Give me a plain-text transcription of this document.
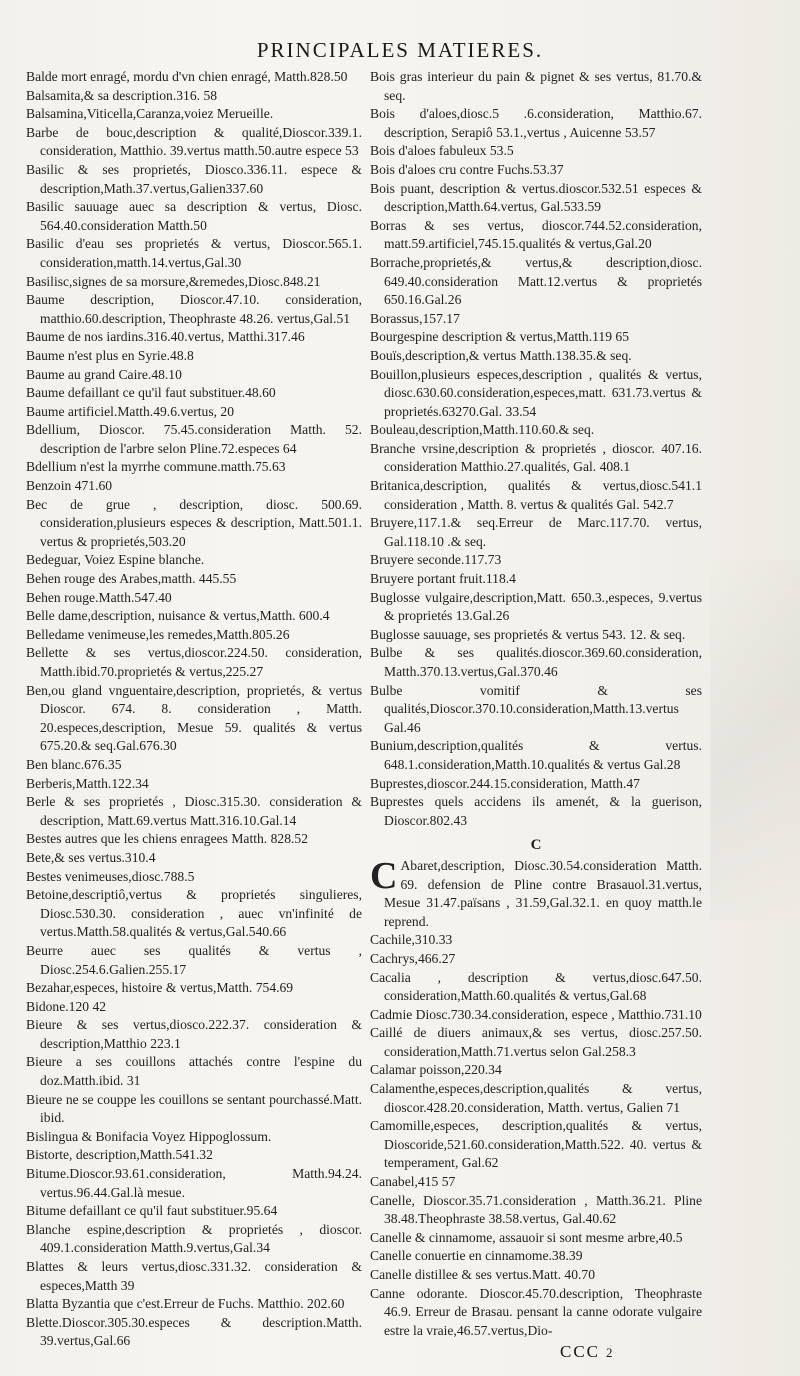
PRINCIPALES MATIERES.

Balde mort enragé, mordu d'vn chien enragé, Matth.828.50

Balsamita,& sa description.316. 58

Balsamina,Viticella,Caranza,voiez Merueille.

Barbe de bouc,description & qualité,Dioscor.339.1. consideration, Matthio. 39.vertus matth.50.autre espece 53

Basilic & ses proprietés, Diosco.336.11. espece & description,Math.37.vertus,Galien337.60

Basilic sauuage auec sa description & vertus, Diosc. 564.40.consideration Matth.50

Basilic d'eau ses proprietés & vertus, Dioscor.565.1. consideration,matth.14.vertus,Gal.30

Basilisc,signes de sa morsure,&remedes,Diosc.848.21

Baume description, Dioscor.47.10. consideration, matthio.60.description, Theophraste 48.26. vertus,Gal.51

Baume de nos iardins.316.40.vertus, Matthi.317.46

Baume n'est plus en Syrie.48.8

Baume au grand Caire.48.10

Baume defaillant ce qu'il faut substituer.48.60

Baume artificiel.Matth.49.6.vertus, 20

Bdellium, Dioscor. 75.45.consideration Matth. 52. description de l'arbre selon Pline.72.especes 64

Bdellium n'est la myrrhe commune.matth.75.63

Benzoin 471.60

Bec de grue , description, diosc. 500.69. consideration,plusieurs especes & description, Matt.501.1. vertus & proprietés,503.20

Bedeguar, Voiez Espine blanche.

Behen rouge des Arabes,matth. 445.55

Behen rouge.Matth.547.40

Belle dame,description, nuisance & vertus,Matth. 600.4

Belledame venimeuse,les remedes,Matth.805.26

Bellette & ses vertus,dioscor.224.50. consideration, Matth.ibid.70.proprietés & vertus,225.27

Ben,ou gland vnguentaire,description, proprietés, & vertus Dioscor. 674. 8. consideration , Matth. 20.especes,description, Mesue 59. qualités & vertus 675.20.& seq.Gal.676.30

Ben blanc.676.35

Berberis,Matth.122.34

Berle & ses proprietés , Diosc.315.30. consideration & description, Matt.69.vertus Matt.316.10.Gal.14

Bestes autres que les chiens enragees Matth. 828.52

Bete,& ses vertus.310.4

Bestes venimeuses,diosc.788.5

Betoine,descriptiô,vertus & proprietés singulieres, Diosc.530.30. consideration , auec vn'infinité de vertus.Matth.58.qualités & vertus,Gal.540.66

Beurre auec ses qualités & vertus , Diosc.254.6.Galien.255.17

Bezahar,especes, histoire & vertus,Matth. 754.69

Bidone.120 42

Bieure & ses vertus,diosco.222.37. consideration & description,Matthio 223.1

Bieure a ses couillons attachés contre l'espine du doz.Matth.ibid. 31

Bieure ne se couppe les couillons se sentant pourchassé.Matt. ibid.

Bislingua & Bonifacia Voyez Hippoglossum.

Bistorte, description,Matth.541.32

Bitume.Dioscor.93.61.consideration, Matth.94.24. vertus.96.44.Gal.là mesue.

Bitume defaillant ce qu'il faut substituer.95.64

Blanche espine,description & proprietés , dioscor. 409.1.consideration Matth.9.vertus,Gal.34

Blattes & leurs vertus,diosc.331.32. consideration & especes,Matth 39

Blatta Byzantia que c'est.Erreur de Fuchs. Matthio. 202.60

Blette.Dioscor.305.30.especes & description.Matth. 39.vertus,Gal.66

Bois gras interieur du pain & pignet & ses vertus, 81.70.& seq.

Bois d'aloes,diosc.5 .6.consideration, Matthio.67. description, Serapiô 53.1.,vertus , Auicenne 53.57

Bois d'aloes fabuleux 53.5

Bois d'aloes cru contre Fuchs.53.37

Bois puant, description & vertus.dioscor.532.51 especes & description,Matth.64.vertus, Gal.533.59

Borras & ses vertus, dioscor.744.52.consideration, matt.59.artificiel,745.15.qualités & vertus,Gal.20

Borrache,proprietés,& vertus,& description,diosc. 649.40.consideration Matt.12.vertus & proprietés 650.16.Gal.26

Borassus,157.17

Bourgespine description & vertus,Matth.119 65

Bouïs,description,& vertus Matth.138.35.& seq.

Bouillon,plusieurs especes,description , qualités & vertus, diosc.630.60.consideration,especes,matt. 631.73.vertus & proprietés.63270.Gal. 33.54

Bouleau,description,Matth.110.60.& seq.

Branche vrsine,description & proprietés , dioscor. 407.16. consideration Matthio.27.qualités, Gal. 408.1

Britanica,description, qualités & vertus,diosc.541.1 consideration , Matth. 8. vertus & qualités Gal. 542.7

Bruyere,117.1.& seq.Erreur de Marc.117.70. vertus, Gal.118.10 .& seq.

Bruyere seconde.117.73

Bruyere portant fruit.118.4

Buglosse vulgaire,description,Matt. 650.3.,especes, 9.vertus & proprietés 13.Gal.26

Buglosse sauuage, ses proprietés & vertus 543. 12. & seq.

Bulbe & ses qualités.dioscor.369.60.consideration, Matth.370.13.vertus,Gal.370.46

Bulbe vomitif & ses qualités,Dioscor.370.10.consideration,Matth.13.vertus Gal.46

Bunium,description,qualités & vertus. 648.1.consideration,Matth.10.qualités & vertus Gal.28

Buprestes,dioscor.244.15.consideration, Matth.47

Buprestes quels accidens ils amenét, & la guerison, Dioscor.802.43

C

C Abaret,description, Diosc.30.54.consideration Matth. 69. defension de Pline contre Brasauol.31.vertus, Mesue 31.47.païsans , 31.59,Gal.32.1. en quoy matth.le reprend.

Cachile,310.33

Cachrys,466.27

Cacalia , description & vertus,diosc.647.50. consideration,Matth.60.qualités & vertus,Gal.68

Cadmie Diosc.730.34.consideration, espece , Matthio.731.10

Caillé de diuers animaux,& ses vertus, diosc.257.50. consideration,Matth.71.vertus selon Gal.258.3

Calamar poisson,220.34

Calamenthe,especes,description,qualités & vertus, dioscor.428.20.consideration, Matth. vertus, Galien 71

Camomille,especes, description,qualités & vertus, Dioscoride,521.60.consideration,Matth.522. 40. vertus & temperament, Gal.62

Canabel,415 57

Canelle, Dioscor.35.71.consideration , Matth.36.21. Pline 38.48.Theophraste 38.58.vertus, Gal.40.62

Canelle & cinnamome, assauoir si sont mesme arbre,40.5

Canelle conuertie en cinnamome.38.39

Canelle distillee & ses vertus.Matt. 40.70

Canne odorante. Dioscor.45.70.description, Theophraste 46.9. Erreur de Brasau. pensant la canne odorate vulgaire estre la vraie,46.57.vertus,Dio-

CCC 2
